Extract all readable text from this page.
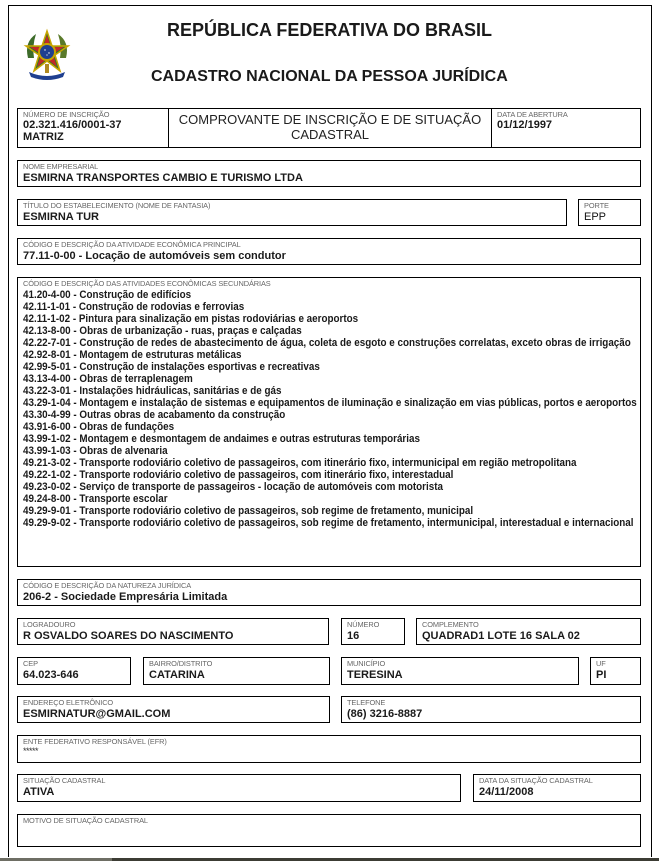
REPÚBLICA FEDERATIVA DO BRASIL
CADASTRO NACIONAL DA PESSOA JURÍDICA
NÚMERO DE INSCRIÇÃO
02.321.416/0001-37
MATRIZ
COMPROVANTE DE INSCRIÇÃO E DE SITUAÇÃO
CADASTRAL
DATA DE ABERTURA
01/12/1997
NOME EMPRESARIAL
ESMIRNA TRANSPORTES CAMBIO E TURISMO LTDA
TÍTULO DO ESTABELECIMENTO (NOME DE FANTASIA)
ESMIRNA TUR
PORTE
EPP
CÓDIGO E DESCRIÇÃO DA ATIVIDADE ECONÔMICA PRINCIPAL
77.11-0-00 - Locação de automóveis sem condutor
CÓDIGO E DESCRIÇÃO DAS ATIVIDADES ECONÔMICAS SECUNDÁRIAS
41.20-4-00 - Construção de edifícios
42.11-1-01 - Construção de rodovias e ferrovias
42.11-1-02 - Pintura para sinalização em pistas rodoviárias e aeroportos
42.13-8-00 - Obras de urbanização - ruas, praças e calçadas
42.22-7-01 - Construção de redes de abastecimento de água, coleta de esgoto e construções correlatas, exceto obras de irrigação
42.92-8-01 - Montagem de estruturas metálicas
42.99-5-01 - Construção de instalações esportivas e recreativas
43.13-4-00 - Obras de terraplenagem
43.22-3-01 - Instalações hidráulicas, sanitárias e de gás
43.29-1-04 - Montagem e instalação de sistemas e equipamentos de iluminação e sinalização em vias públicas, portos e aeroportos
43.30-4-99 - Outras obras de acabamento da construção
43.91-6-00 - Obras de fundações
43.99-1-02 - Montagem e desmontagem de andaimes e outras estruturas temporárias
43.99-1-03 - Obras de alvenaria
49.21-3-02 - Transporte rodoviário coletivo de passageiros, com itinerário fixo, intermunicipal em região metropolitana
49.22-1-02 - Transporte rodoviário coletivo de passageiros, com itinerário fixo, interestadual
49.23-0-02 - Serviço de transporte de passageiros - locação de automóveis com motorista
49.24-8-00 - Transporte escolar
49.29-9-01 - Transporte rodoviário coletivo de passageiros, sob regime de fretamento, municipal
49.29-9-02 - Transporte rodoviário coletivo de passageiros, sob regime de fretamento, intermunicipal, interestadual e internacional
CÓDIGO E DESCRIÇÃO DA NATUREZA JURÍDICA
206-2 - Sociedade Empresária Limitada
LOGRADOURO
R OSVALDO SOARES DO NASCIMENTO
NÚMERO
16
COMPLEMENTO
QUADRAD1 LOTE 16 SALA 02
CEP
64.023-646
BAIRRO/DISTRITO
CATARINA
MUNICÍPIO
TERESINA
UF
PI
ENDEREÇO ELETRÔNICO
ESMIRNATUR@GMAIL.COM
TELEFONE
(86) 3216-8887
ENTE FEDERATIVO RESPONSÁVEL (EFR)
*****
SITUAÇÃO CADASTRAL
ATIVA
DATA DA SITUAÇÃO CADASTRAL
24/11/2008
MOTIVO DE SITUAÇÃO CADASTRAL
